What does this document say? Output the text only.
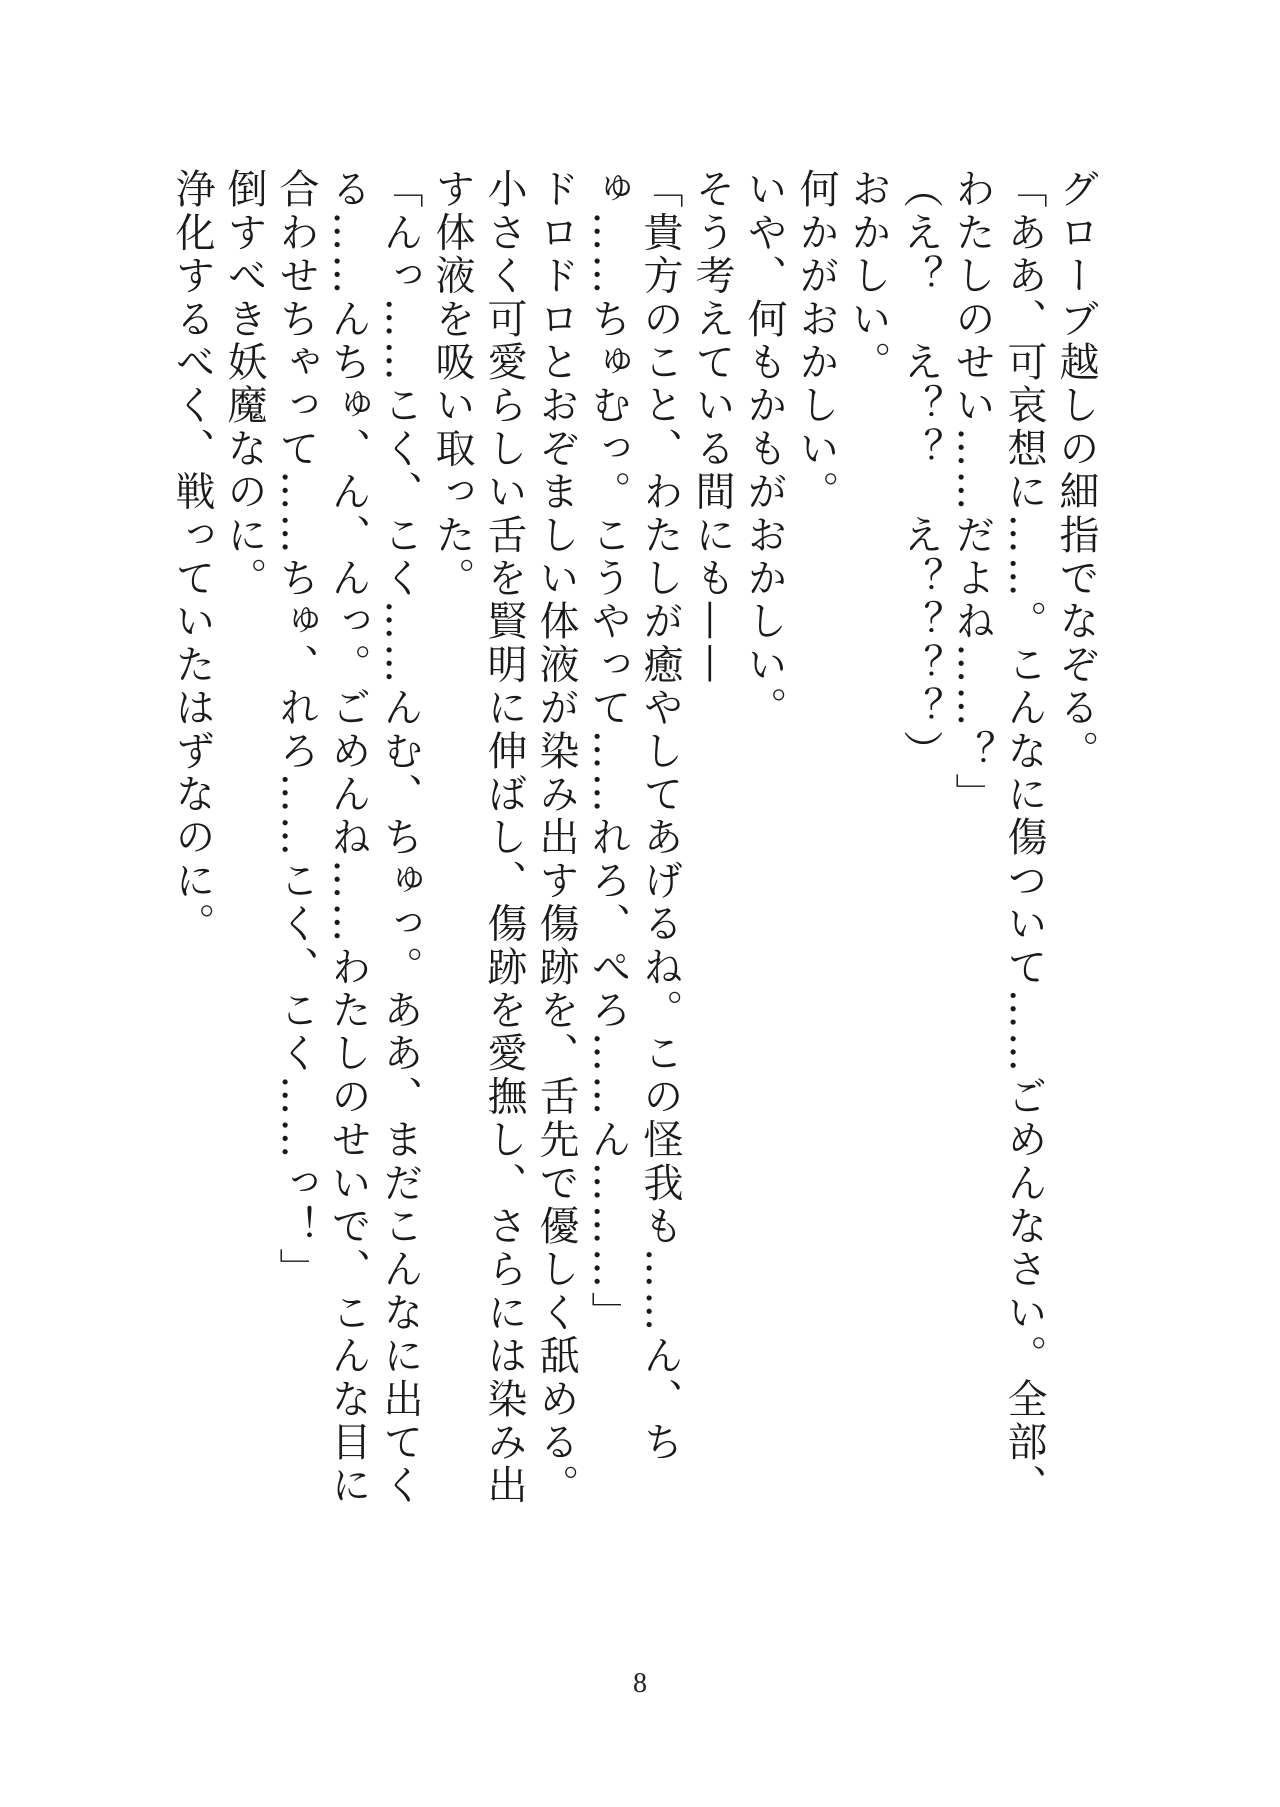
グローブ越しの細指でなぞる。

「ああ、可哀想に……。こんなに傷ついて……ごめんなさい。全部、わたしのせい……だよね……？」

（え？　え？？　え？？？？）

おかしい。

何かがおかしい。

いや、何もかもがおかしい。

そう考えている間にも——

「貴方のこと、わたしが癒やしてあげるね。この怪我も……ん、ちゅ……ちゅむっ。こうやって……れろ、ぺろ……ん………」

ドロドロとおぞましい体液が染み出す傷跡を、舌先で優しく舐める。

小さく可愛らしい舌を賢明に伸ばし、傷跡を愛撫し、さらには染み出す体液を吸い取った。

「んっ……こく、こく……んむ、ちゅっ。ああ、まだこんなに出てくる……んちゅ、ん、んっ。ごめんね……わたしのせいで、こんな目に合わせちゃって……ちゅ、れろ……こく、こく……っ！」

倒すべき妖魔なのに。

浄化するべく、戦っていたはずなのに。

8
